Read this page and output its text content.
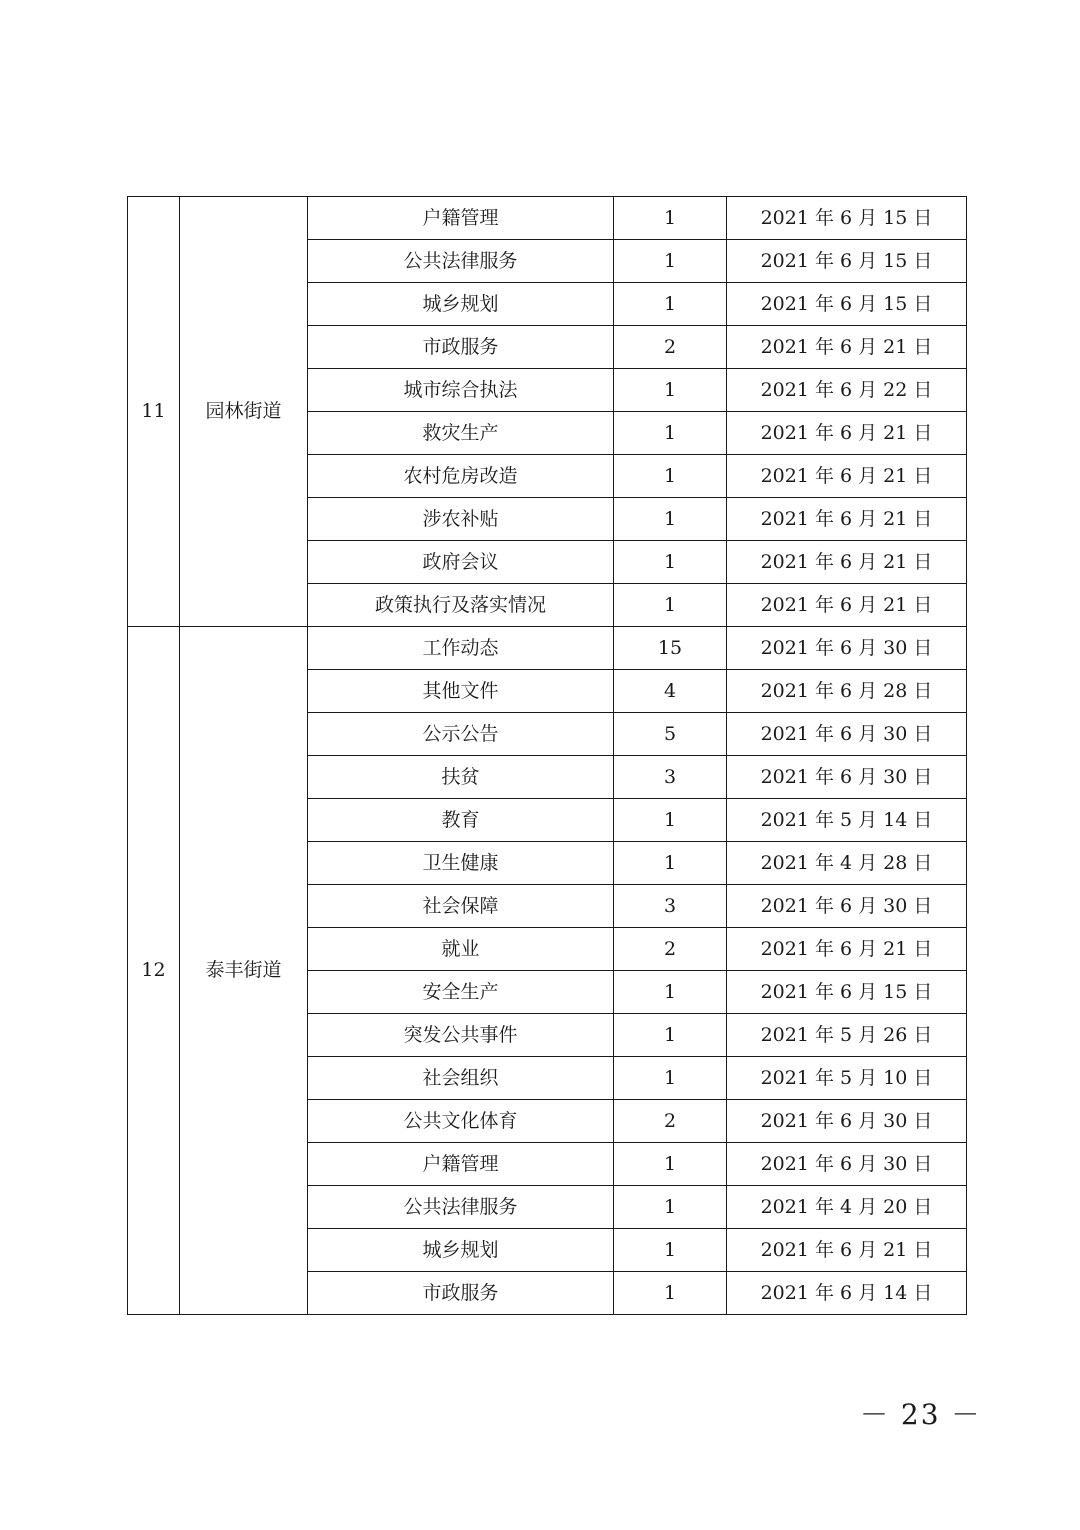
11	园林街道	户籍管理	1	2021 年 6 月 15 日
		公共法律服务	1	2021 年 6 月 15 日
		城乡规划	1	2021 年 6 月 15 日
		市政服务	2	2021 年 6 月 21 日
		城市综合执法	1	2021 年 6 月 22 日
		救灾生产	1	2021 年 6 月 21 日
		农村危房改造	1	2021 年 6 月 21 日
		涉农补贴	1	2021 年 6 月 21 日
		政府会议	1	2021 年 6 月 21 日
		政策执行及落实情况	1	2021 年 6 月 21 日
12	泰丰街道	工作动态	15	2021 年 6 月 30 日
		其他文件	4	2021 年 6 月 28 日
		公示公告	5	2021 年 6 月 30 日
		扶贫	3	2021 年 6 月 30 日
		教育	1	2021 年 5 月 14 日
		卫生健康	1	2021 年 4 月 28 日
		社会保障	3	2021 年 6 月 30 日
		就业	2	2021 年 6 月 21 日
		安全生产	1	2021 年 6 月 15 日
		突发公共事件	1	2021 年 5 月 26 日
		社会组织	1	2021 年 5 月 10 日
		公共文化体育	2	2021 年 6 月 30 日
		户籍管理	1	2021 年 6 月 30 日
		公共法律服务	1	2021 年 4 月 20 日
		城乡规划	1	2021 年 6 月 21 日
		市政服务	1	2021 年 6 月 14 日
－ 23 －
